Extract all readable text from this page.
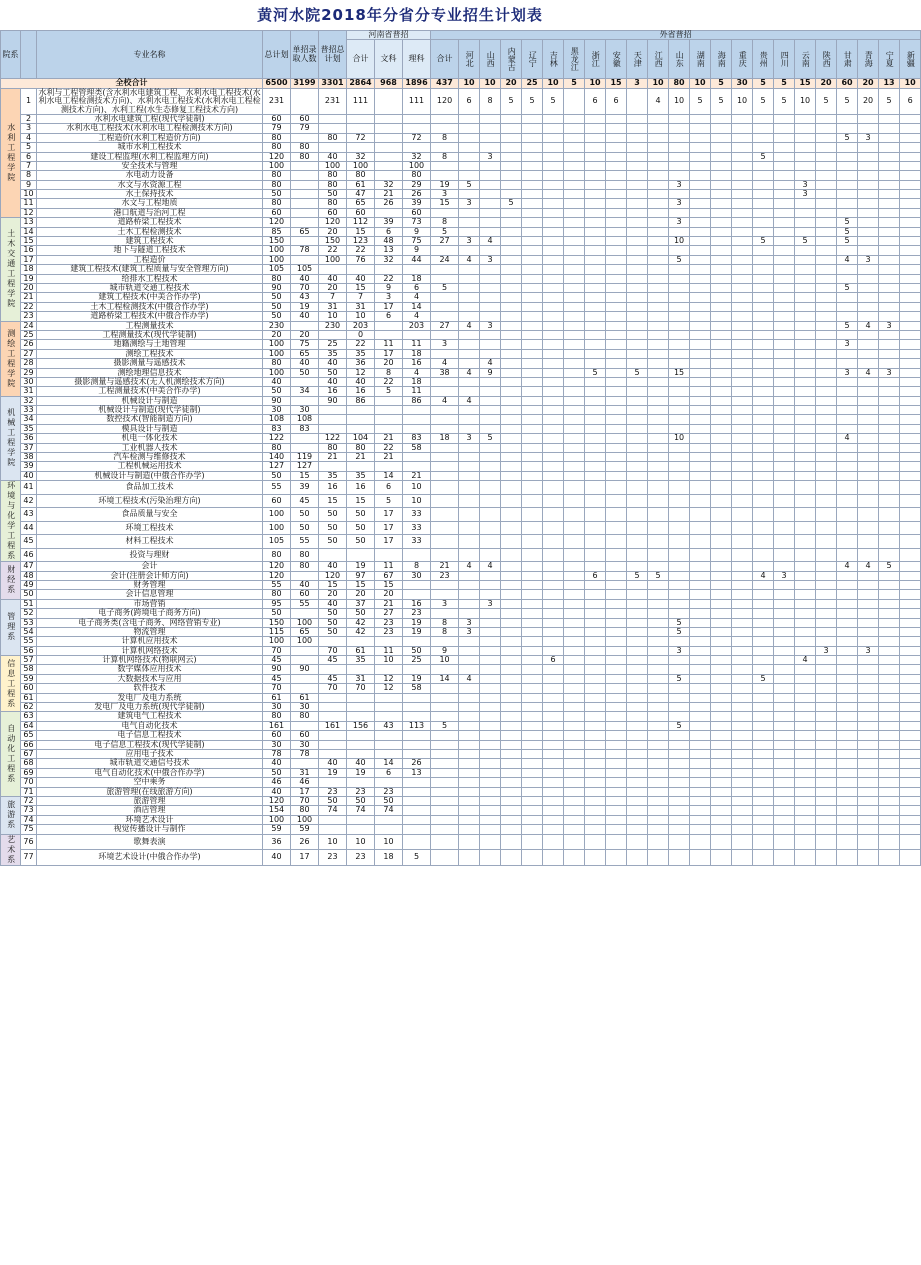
黄河水院2018年分省分专业招生计划表
院系		专业名称	总计划	单招录取人数	普招总计划	河南省普招			外省普招																						
						合计	文科	理科	合计	河北	山西	内蒙古	辽宁	吉林	黑龙江	浙江	安徽	天津	江西	山东	湖南	海南	重庆	贵州	四川	云南	陕西	甘肃	青海	宁夏	新疆
全校合计			6500	3199	3301	2864	968	1896	437	10	10	20	25	10	5	10	15	3	10	80	10	5	30	5	5	15	20	60	20	13	10
水利工程学院	1	水利与工程管理类(含水利水电建筑工程、水利水电工程技术(水利水电工程检测技术方向)、水利水电工程技术(水利水电工程检测技术方向)、水利工程(水生态修复工程技术方向)	231		231	111		111	120	6	8	5	5	5		6	6		4	10	5	5	10	5	5	10	5	5	20	5	6
	2	水利水电建筑工程(现代学徒制)	60	60																											
	3	水利水电工程技术(水利水电工程检测技术方向)	79	79																											
	4	工程造价(水利工程造价方向)	80		80	72		72	8																			5	3		
	5	城市水利工程技术	80	80																											
	6	建设工程监理(水利工程监理方向)	120	80	40	32		32	8		3													5							
	7	安全技术与管理	100		100	100		100																							
	8	水电动力设备	80		80	80		80																							
	9	水文与水资源工程	80		80	61	32	29	19	5										3						3					
	10	水土保持技术	50		50	47	21	26	3																	3					
	11	水文与工程地质	80		80	65	26	39	15	3		5								3											
	12	港口航道与治河工程	60		60	60		60																							
土木交通工程学院	13	道路桥梁工程技术	120		120	112	39	73	8											3								5			
	14	土木工程检测技术	85	65	20	15	6	9	5																			5			
	15	建筑工程技术	150		150	123	48	75	27	3	4									10				5		5		5			
	16	地下与隧道工程技术	100	78	22	22	13	9																							
	17	工程造价	100		100	76	32	44	24	4	3									5								4	3		
	18	建筑工程技术(建筑工程质量与安全管理方向)	105	105																											
	19	给排水工程技术	80	40	40	40	22	18																							
	20	城市轨道交通工程技术	90	70	20	15	9	6	5																			5			
	21	建筑工程技术(中美合作办学)	50	43	7	7	3	4																							
	22	土木工程检测技术(中俄合作办学)	50	19	31	31	17	14																							
	23	道路桥梁工程技术(中俄合作办学)	50	40	10	10	6	4																							
测绘工程学院	24	工程测量技术	230		230	203		203	27	4	3																	5	4	3	
	25	工程测量技术(现代学徒制)	20	20		0																									
	26	地籍测绘与土地管理	100	75	25	22	11	11	3																			3			
	27	测绘工程技术	100	65	35	35	17	18																							
	28	摄影测量与遥感技术	80	40	40	36	20	16	4		4																				
	29	测绘地理信息技术	100	50	50	12	8	4	38	4	9					5		5		15								3	4	3	
	30	摄影测量与遥感技术(无人机测绘技术方向)	40		40	40	22	18																							
	31	工程测量技术(中美合作办学)	50	34	16	16	5	11																							
机械工程学院	32	机械设计与制造	90		90	86		86	4	4																					
	33	机械设计与制造(现代学徒制)	30	30																											
	34	数控技术(智能制造方向)	108	108																											
	35	模具设计与制造	83	83																											
	36	机电一体化技术	122		122	104	21	83	18	3	5									10								4			
	37	工业机器人技术	80		80	80	22	58																							
	38	汽车检测与维修技术	140	119	21	21	21																								
	39	工程机械运用技术	127	127																											
	40	机械设计与制造(中俄合作办学)	50	15	35	35	14	21																							
环境与化学工程系	41	食品加工技术	55	39	16	16	6	10																							
	42	环境工程技术(污染治理方向)	60	45	15	15	5	10																							
	43	食品质量与安全	100	50	50	50	17	33																							
	44	环境工程技术	100	50	50	50	17	33																							
	45	材料工程技术	105	55	50	50	17	33																							
	46	投资与理财	80	80																											
财经系	47	会计	120	80	40	19	11	8	21	4	4																	4	4	5	
	48	会计(注册会计师方向)	120		120	97	67	30	23							6		5	5					4	3						
	49	财务管理	55	40	15	15	15																								
	50	会计信息管理	80	60	20	20	20																								
管理系	51	市场营销	95	55	40	37	21	16	3		3																				
	52	电子商务(跨境电子商务方向)	50		50	50	27	23																							
	53	电子商务类(含电子商务、网络营销专业)	150	100	50	42	23	19	8	3										5											
	54	物流管理	115	65	50	42	23	19	8	3										5											
	55	计算机应用技术	100	100																											
	56	计算机网络技术	70		70	61	11	50	9											3							3		3		
信息工程系	57	计算机网络技术(物联网云)	45		45	35	10	25	10					6												4					
	58	数字媒体应用技术	90	90																											
	59	大数据技术与应用	45		45	31	12	19	14	4										5				5							
	60	软件技术	70		70	70	12	58																							
	61	发电厂及电力系统	61	61																											
	62	发电厂及电力系统(现代学徒制)	30	30																											
自动化工程系	63	建筑电气工程技术	80	80																											
	64	电气自动化技术	161		161	156	43	113	5											5											
	65	电子信息工程技术	60	60																											
	66	电子信息工程技术(现代学徒制)	30	30																											
	67	应用电子技术	78	78																											
	68	城市轨道交通信号技术	40		40	40	14	26																							
	69	电气自动化技术(中俄合作办学)	50	31	19	19	6	13																							
	70	空中乘务	46	46																											
	71	旅游管理(在线旅游方向)	40	17	23	23	23																								
旅游系	72	旅游管理	120	70	50	50	50																								
	73	酒店管理	154	80	74	74	74																								
	74	环境艺术设计	100	100																											
	75	视觉传播设计与制作	59	59																											
艺术系	76	歌舞表演	36	26	10	10	10																								
	77	环境艺术设计(中俄合作办学)	40	17	23	23	18	5																							
